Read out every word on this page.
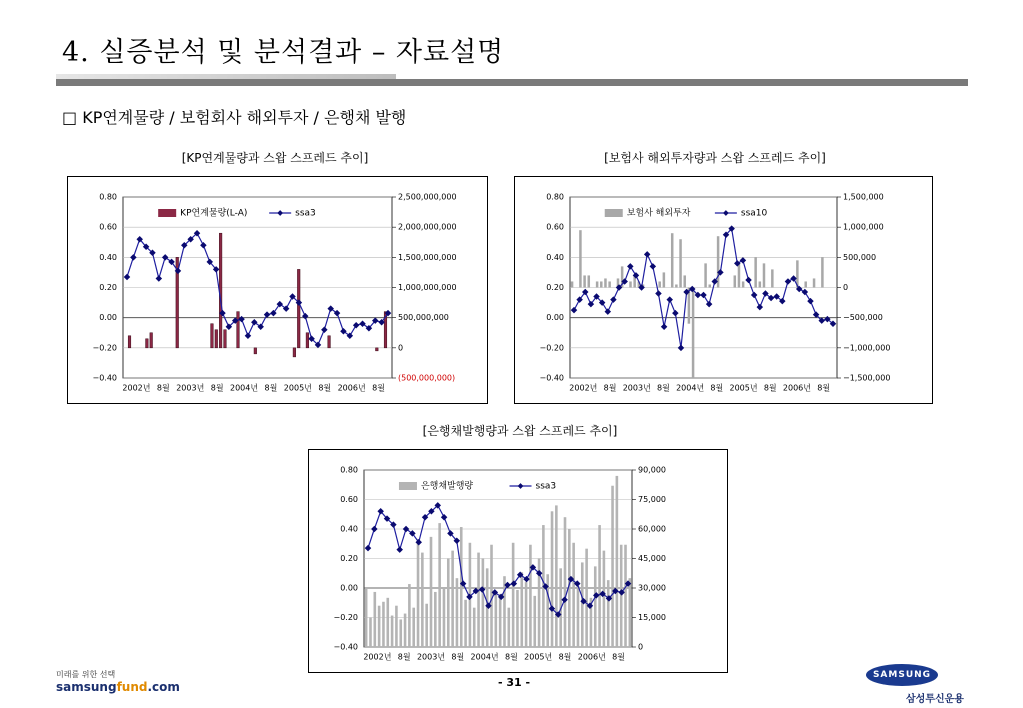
4. 실증분석 및 분석결과 – 자료설명
□ KP연계물량 / 보험회사 해외투자 / 은행채 발행
[KP연계물량과 스왑 스프레드 추이]
0.80
0.60
0.40
0.20
0.00
−0.20
−0.40
2,500,000,000
2,000,000,000
1,500,000,000
1,000,000,000
500,000,000
0
(500,000,000)
2002년 8월 2003년 8월 2004년 8월 2005년 8월 2006년 8월
KP연계물량(L-A)	ssa3
[보험사 해외투자량과 스왑 스프레드 추이]
0.80
0.60
0.40
0.20
0.00
−0.20
−0.40
1,500,000
1,000,000
500,000
0
−500,000
−1,000,000
−1,500,000
2002년 8월 2003년 8월 2004년 8월 2005년 8월 2006년 8월
보험사 해외투자	ssa10
[은행채발행량과 스왑 스프레드 추이]
0.80
0.60
0.40
0.20
0.00
−0.20
−0.40
90,000
75,000
60,000
45,000
30,000
15,000
0
2002년 8월 2003년 8월 2004년 8월 2005년 8월 2006년 8월
은행채발행량	ssa3
미래를 위한 선택
samsungfund.com	- 31 -
SAMSUNG
삼성투신운용
